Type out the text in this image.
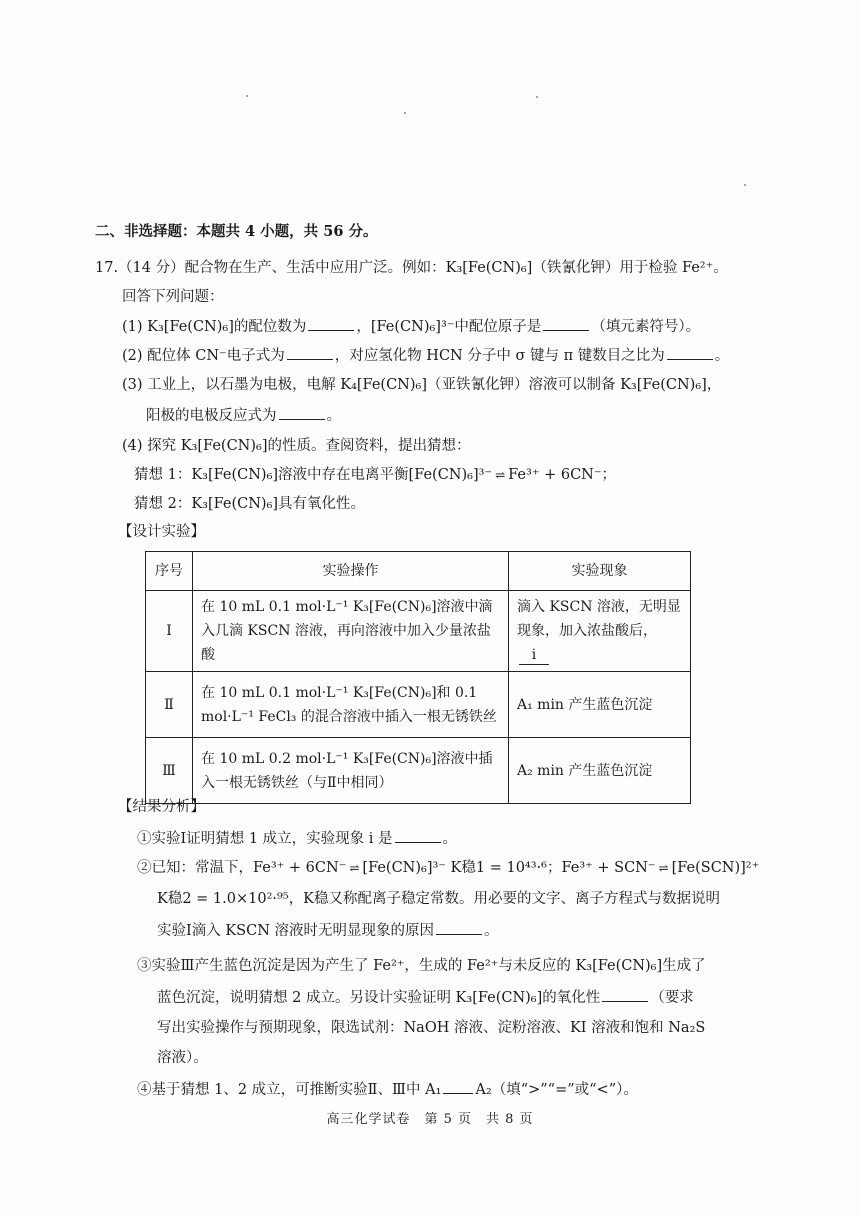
二、非选择题：本题共 4 小题，共 56 分。
17.（14 分）配合物在生产、生活中应用广泛。例如：K₃[Fe(CN)₆]（铁氰化钾）用于检验 Fe²⁺。
回答下列问题：
(1) K₃[Fe(CN)₆]的配位数为	，[Fe(CN)₆]³⁻中配位原子是	（填元素符号）。
(2) 配位体 CN⁻电子式为	，对应氢化物 HCN 分子中 σ 键与 π 键数目之比为	。
(3) 工业上，以石墨为电极，电解 K₄[Fe(CN)₆]（亚铁氰化钾）溶液可以制备 K₃[Fe(CN)₆]，
阳极的电极反应式为	。
(4) 探究 K₃[Fe(CN)₆]的性质。查阅资料，提出猜想：
猜想 1：K₃[Fe(CN)₆]溶液中存在电离平衡[Fe(CN)₆]³⁻ ⇌ Fe³⁺ + 6CN⁻；
猜想 2：K₃[Fe(CN)₆]具有氧化性。
【设计实验】
序号	实验操作	实验现象
Ⅰ	在 10 mL 0.1 mol·L⁻¹ K₃[Fe(CN)₆]溶液中滴入几滴 KSCN 溶液，再向溶液中加入少量浓盐酸	滴入 KSCN 溶液，无明显现象，加入浓盐酸后，i
Ⅱ	在 10 mL 0.1 mol·L⁻¹ K₃[Fe(CN)₆]和 0.1 mol·L⁻¹ FeCl₃ 的混合溶液中插入一根无锈铁丝	A₁ min 产生蓝色沉淀
Ⅲ	在 10 mL 0.2 mol·L⁻¹ K₃[Fe(CN)₆]溶液中插入一根无锈铁丝（与Ⅱ中相同）	A₂ min 产生蓝色沉淀
【结果分析】
①实验Ⅰ证明猜想 1 成立，实验现象 i 是	。
②已知：常温下，Fe³⁺ + 6CN⁻ ⇌ [Fe(CN)₆]³⁻ K稳1 = 10⁴³·⁶；Fe³⁺ + SCN⁻ ⇌ [Fe(SCN)]²⁺
K稳2 = 1.0×10²·⁹⁵，K稳又称配离子稳定常数。用必要的文字、离子方程式与数据说明
实验Ⅰ滴入 KSCN 溶液时无明显现象的原因	。
③实验Ⅲ产生蓝色沉淀是因为产生了 Fe²⁺，生成的 Fe²⁺与未反应的 K₃[Fe(CN)₆]生成了
蓝色沉淀，说明猜想 2 成立。另设计实验证明 K₃[Fe(CN)₆]的氧化性	（要求
写出实验操作与预期现象，限选试剂：NaOH 溶液、淀粉溶液、KI 溶液和饱和 Na₂S
溶液）。
④基于猜想 1、2 成立，可推断实验Ⅱ、Ⅲ中 A₁ A₂（填“>”“=”或“<”）。
高三化学试卷　第 5 页　共 8 页
